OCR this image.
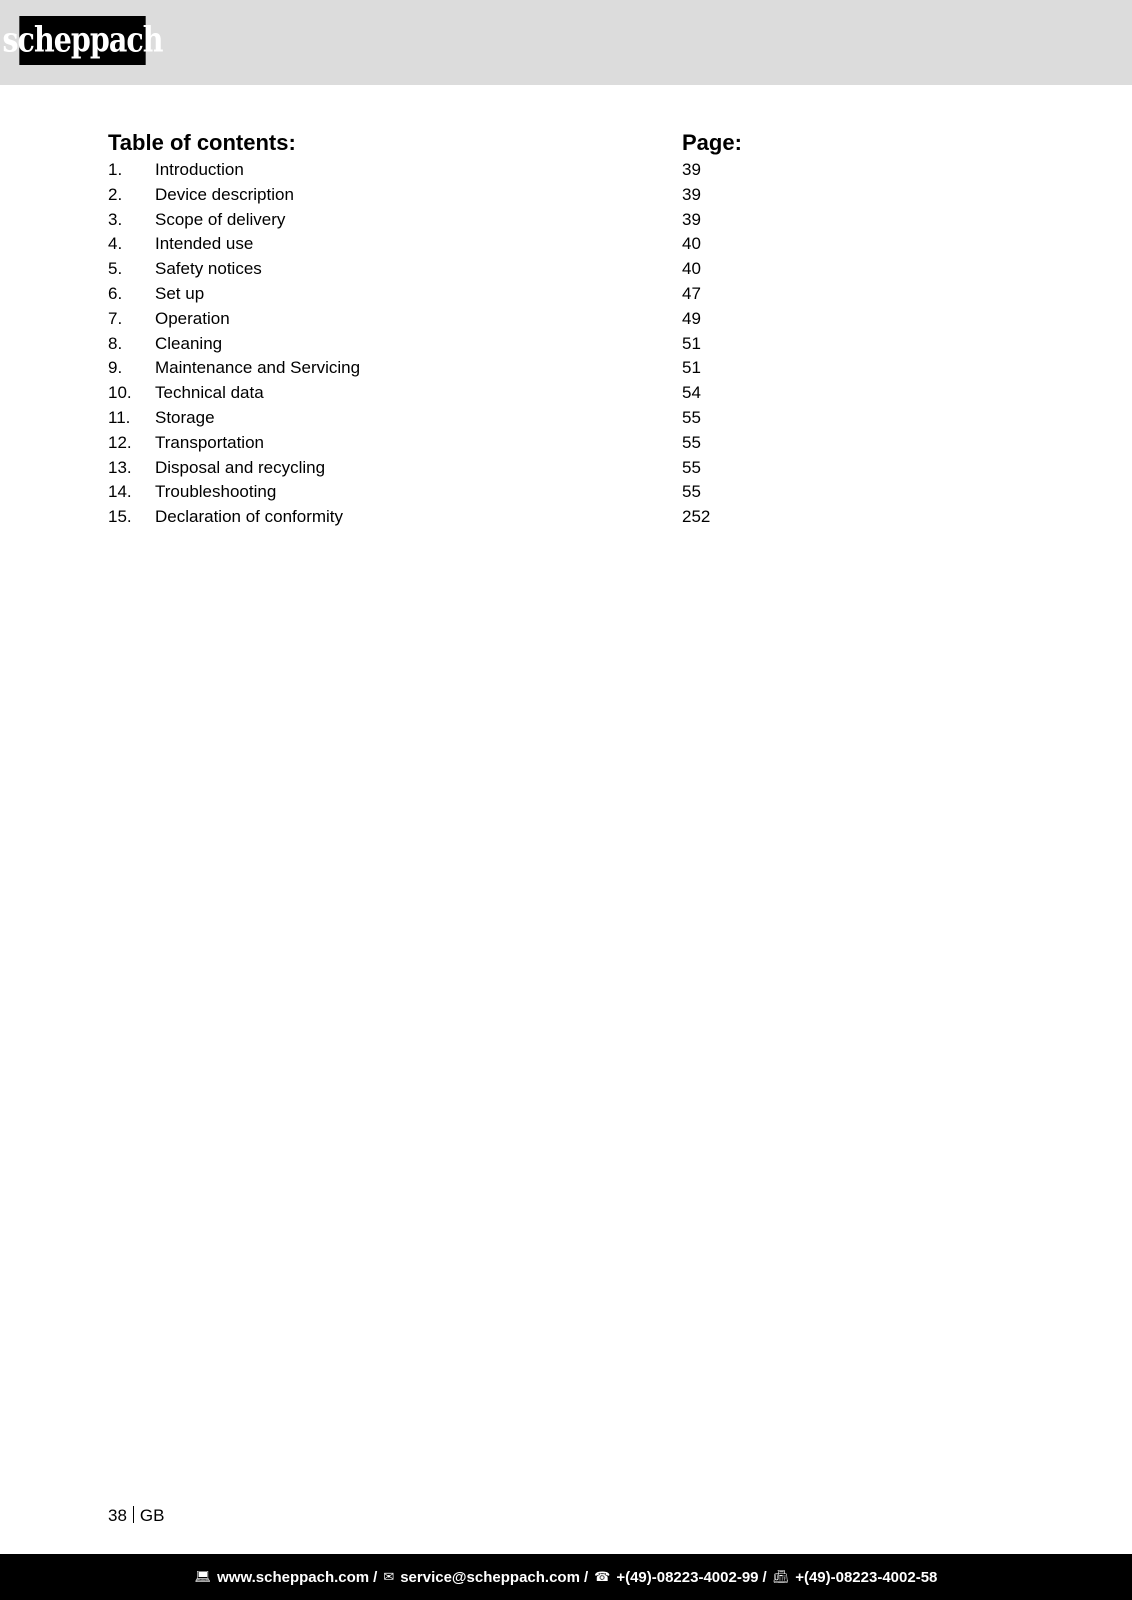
scheppach
Table of contents:	Page:
1. Introduction	39
2. Device description	39
3. Scope of delivery	39
4. Intended use	40
5. Safety notices	40
6. Set up	47
7. Operation	49
8. Cleaning	51
9. Maintenance and Servicing	51
10. Technical data	54
11. Storage	55
12. Transportation	55
13. Disposal and recycling	55
14. Troubleshooting	55
15. Declaration of conformity	252
38 GB
💻︎ www.scheppach.com / ✉ service@scheppach.com / ☎ +(49)-08223-4002-99 / 📠︎ +(49)-08223-4002-58
